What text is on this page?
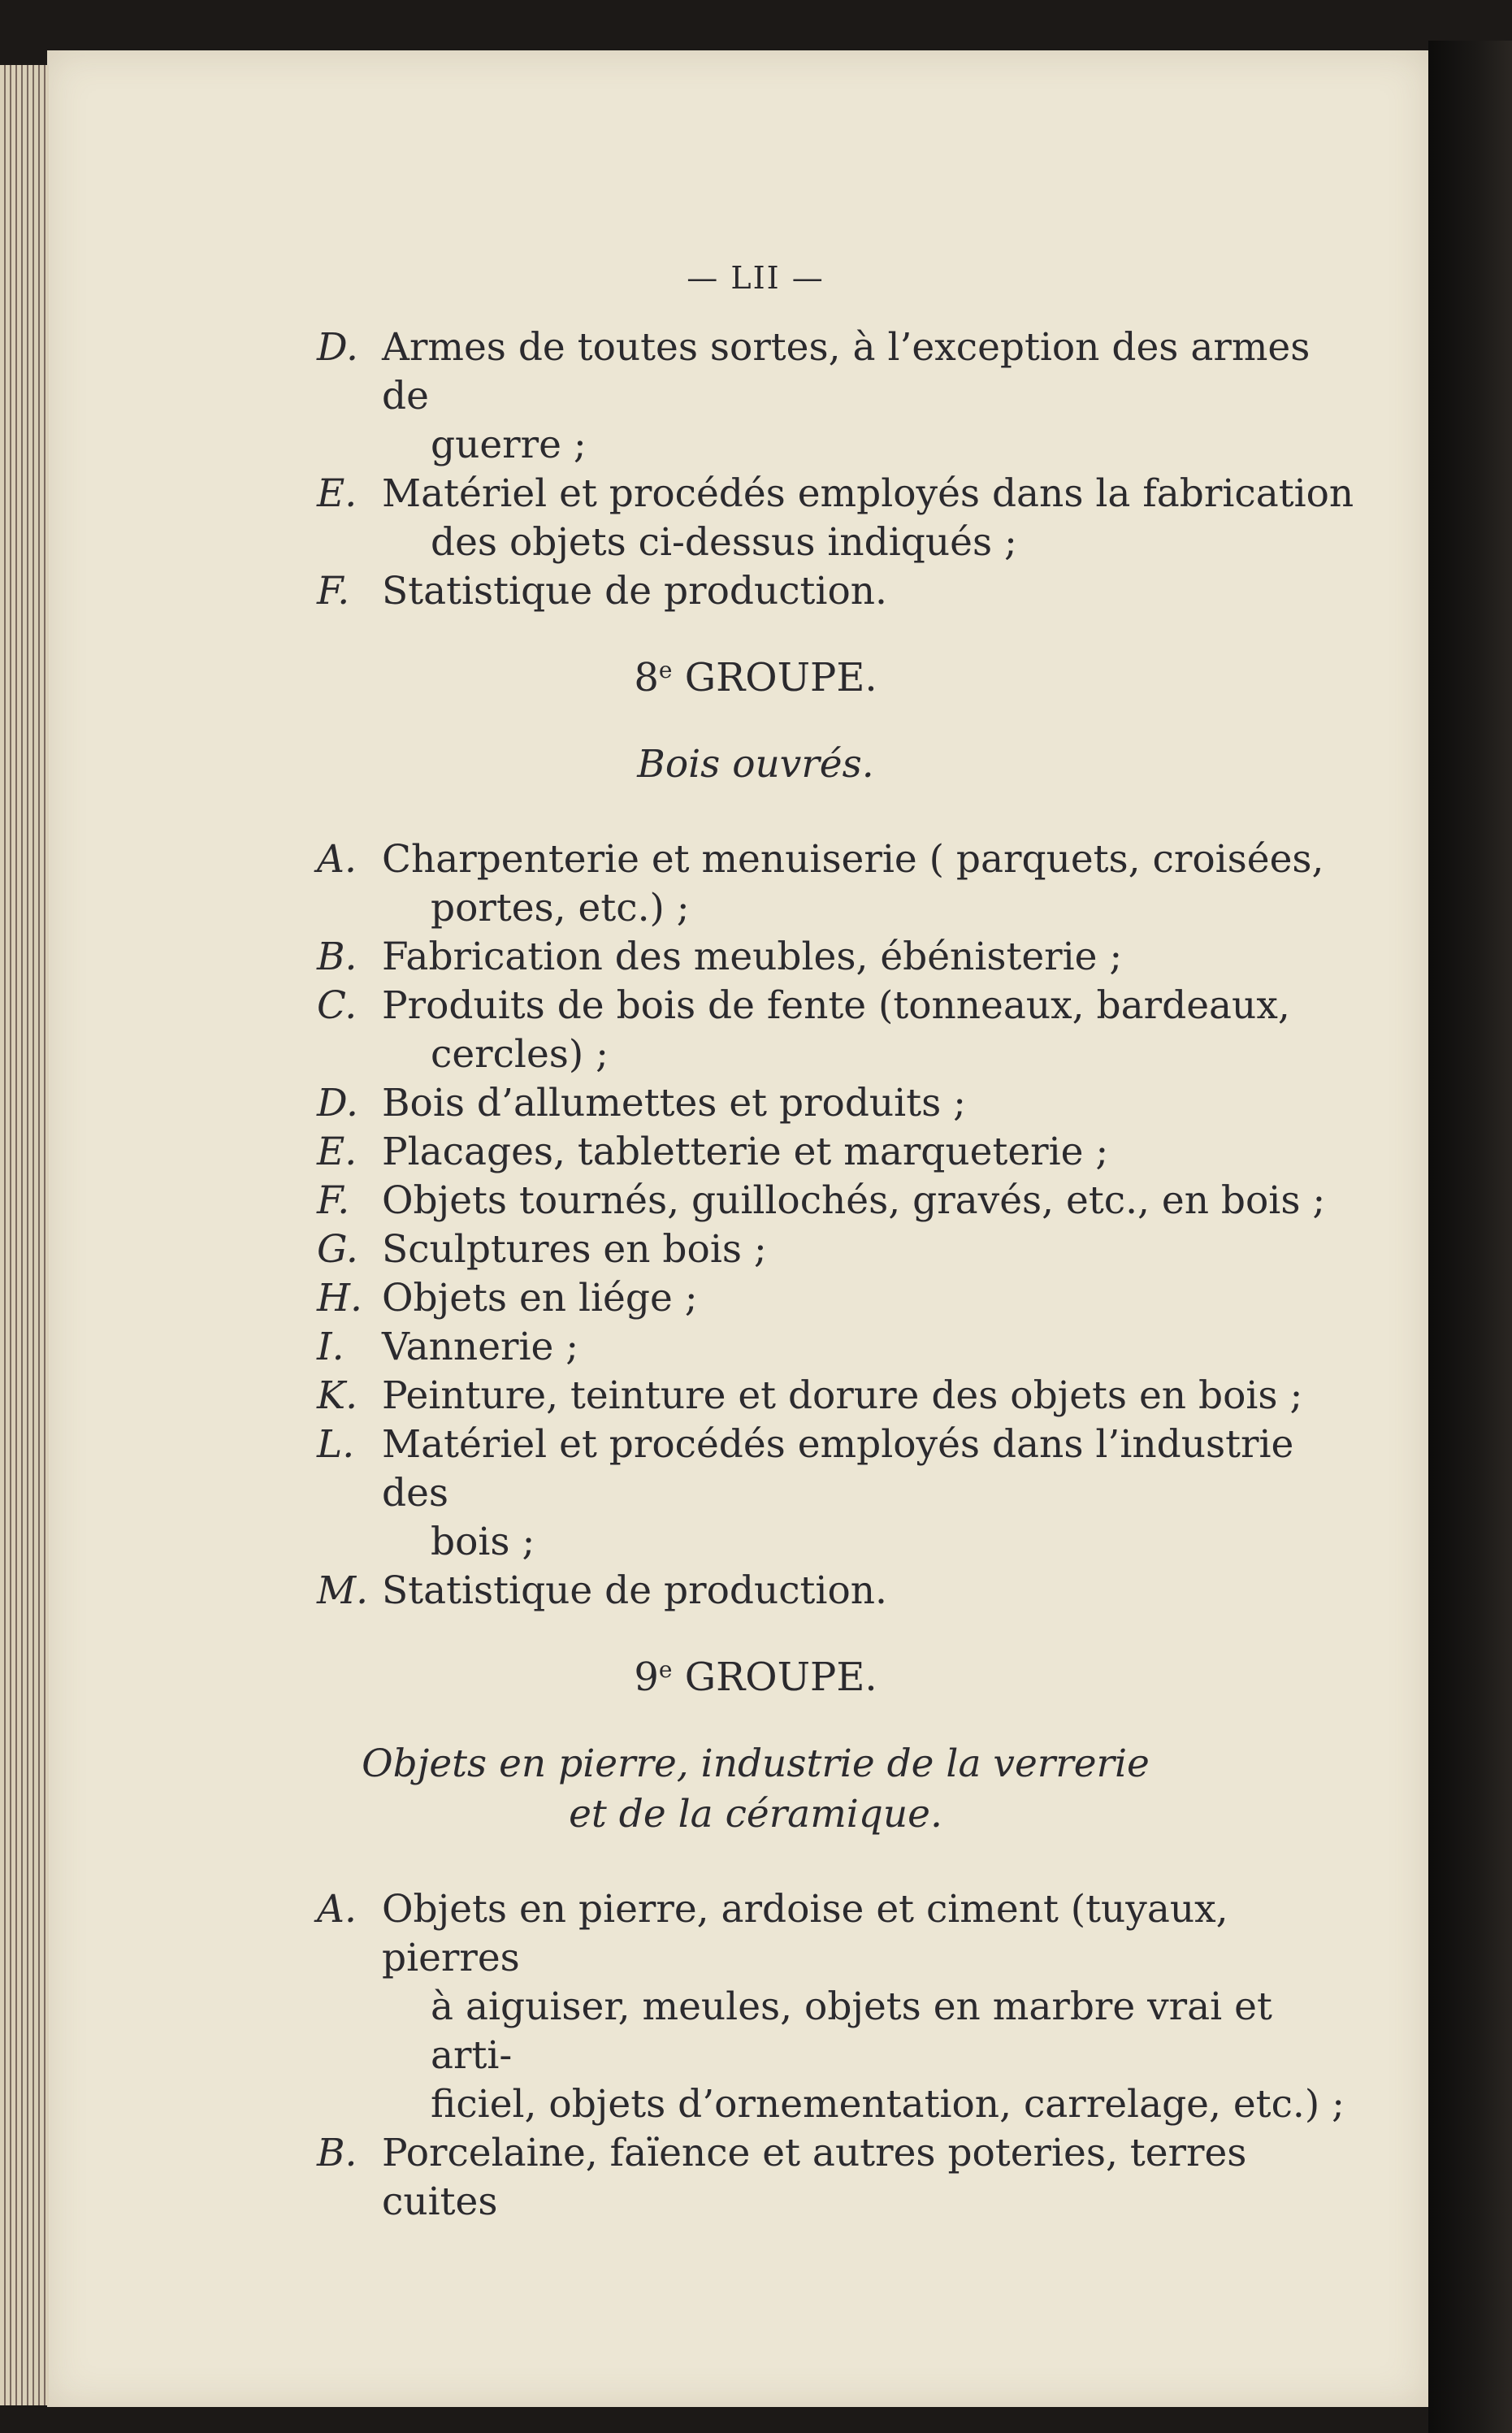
— LII —
D. Armes de toutes sortes, à l’exception des armes de
guerre ;
E. Matériel et procédés employés dans la fabrication
des objets ci-dessus indiqués ;
F. Statistique de production.
8e GROUPE.
Bois ouvrés.
A. Charpenterie et menuiserie ( parquets, croisées,
portes, etc.) ;
B. Fabrication des meubles, ébénisterie ;
C. Produits de bois de fente (tonneaux, bardeaux,
cercles) ;
D. Bois d’allumettes et produits ;
E. Placages, tabletterie et marqueterie ;
F. Objets tournés, guillochés, gravés, etc., en bois ;
G. Sculptures en bois ;
H. Objets en liége ;
I. Vannerie ;
K. Peinture, teinture et dorure des objets en bois ;
L. Matériel et procédés employés dans l’industrie des
bois ;
M. Statistique de production.
9e GROUPE.
Objets en pierre, industrie de la verrerie
et de la céramique.
A. Objets en pierre, ardoise et ciment (tuyaux, pierres
à aiguiser, meules, objets en marbre vrai et arti-
ficiel, objets d’ornementation, carrelage, etc.) ;
B. Porcelaine, faïence et autres poteries, terres cuites
